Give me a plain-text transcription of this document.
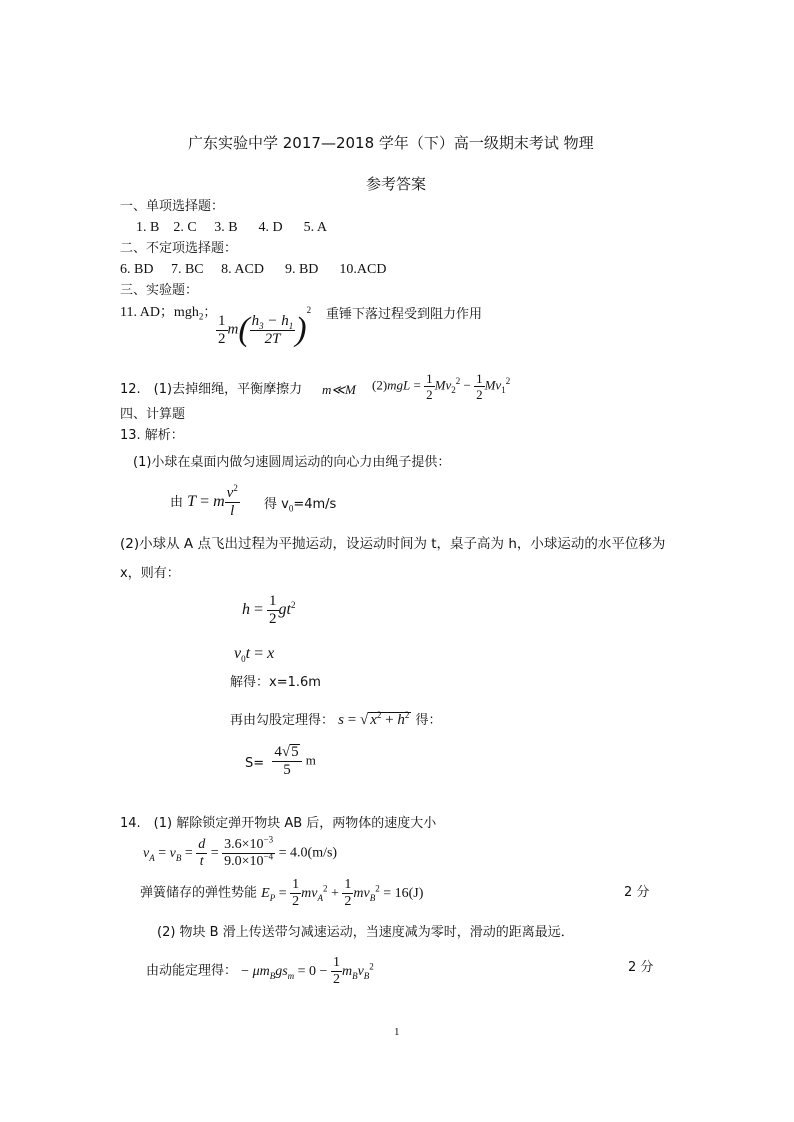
广东实验中学 2017—2018 学年（下）高一级期末考试 物理
参考答案
一、单项选择题：
1. B 2. C 3. B 4. D 5. A
二、不定项选择题：
6. BD 7. BC 8. ACD 9. BD 10.ACD
三、实验题：
11. AD；mgh$_2$；
$\frac{1}{2} m( \frac{h_3 - h_1}{2T} )^2$ 重锤下落过程受到阻力作用
12.　(1)去掉细绳，平衡摩擦力 m≪M $(2)mgL = \frac{1}{2} Mv_2^2 - \frac{1}{2} Mv_1^2$
四、计算题
13. 解析：
(1)小球在桌面内做匀速圆周运动的向心力由绳子提供：
由 T = m $\frac{v^2}{l}$ 得 $v_0=4m/s$
(2)小球从 A 点飞出过程为平抛运动，设运动时间为 t，桌子高为 h，小球运动的水平位移为
x，则有：
$h = \frac{1}{2} gt^2$
$v_0t = x$
解得：x=1.6m
再由勾股定理得： s = √ $x^2 + h^2$ 得：
$S= \frac{4√5}{5}$ m
14.　(1) 解除锁定弹开物块 AB 后，两物体的速度大小
$v_A = v_B = \frac{d}{t} = \frac{3.6\times 10^{-3}}{9.0\times 10^{-4}} = 4.0(m/s)$
弹簧储存的弹性势能 $E_P = \frac{1}{2} mv_A^2 + \frac{1}{2} mv_B^2 = 16(J)$	2 分
(2) 物块 B 滑上传送带匀减速运动，当速度减为零时，滑动的距离最远．
由动能定理得： − $\mu m_Bgs_m = 0 - \frac{1}{2} m_Bv_B^2$	2 分
1
